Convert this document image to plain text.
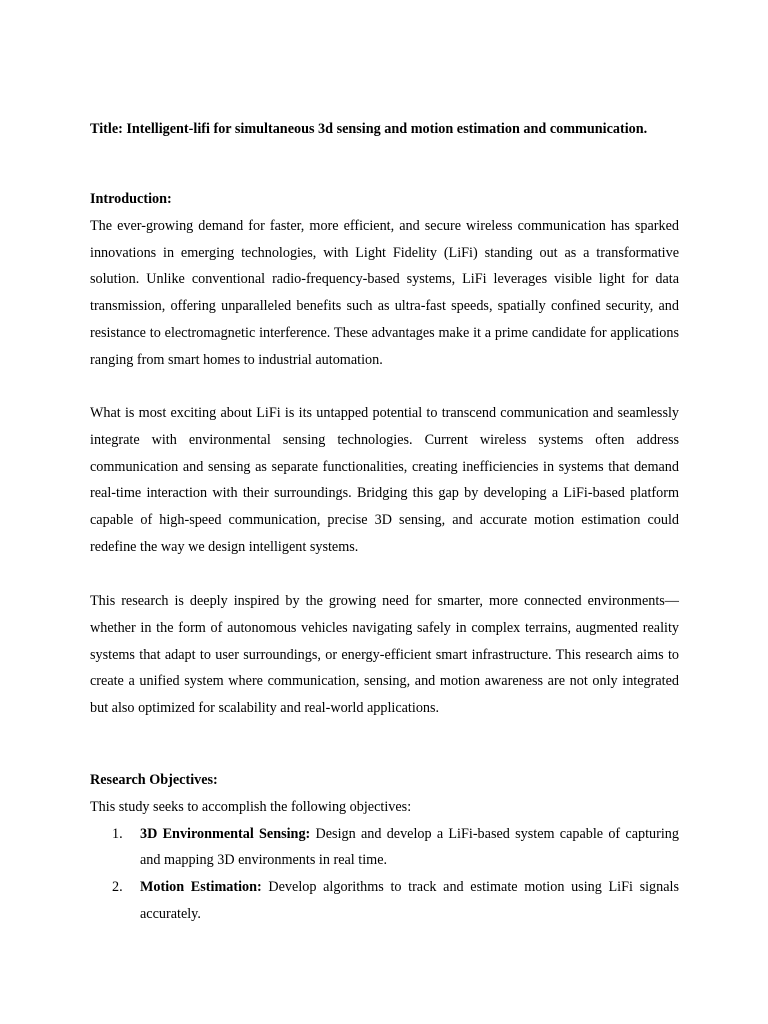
Title: Intelligent-lifi for simultaneous 3d sensing and motion estimation and communication.

Introduction:

The ever-growing demand for faster, more efficient, and secure wireless communication has sparked innovations in emerging technologies, with Light Fidelity (LiFi) standing out as a transformative solution. Unlike conventional radio-frequency-based systems, LiFi leverages visible light for data transmission, offering unparalleled benefits such as ultra-fast speeds, spatially confined security, and resistance to electromagnetic interference. These advantages make it a prime candidate for applications ranging from smart homes to industrial automation.

What is most exciting about LiFi is its untapped potential to transcend communication and seamlessly integrate with environmental sensing technologies. Current wireless systems often address communication and sensing as separate functionalities, creating inefficiencies in systems that demand real-time interaction with their surroundings. Bridging this gap by developing a LiFi-based platform capable of high-speed communication, precise 3D sensing, and accurate motion estimation could redefine the way we design intelligent systems.

This research is deeply inspired by the growing need for smarter, more connected environments—whether in the form of autonomous vehicles navigating safely in complex terrains, augmented reality systems that adapt to user surroundings, or energy-efficient smart infrastructure. This research aims to create a unified system where communication, sensing, and motion awareness are not only integrated but also optimized for scalability and real-world applications.

Research Objectives:

This study seeks to accomplish the following objectives:

1. 3D Environmental Sensing: Design and develop a LiFi-based system capable of capturing and mapping 3D environments in real time.
2. Motion Estimation: Develop algorithms to track and estimate motion using LiFi signals accurately.
